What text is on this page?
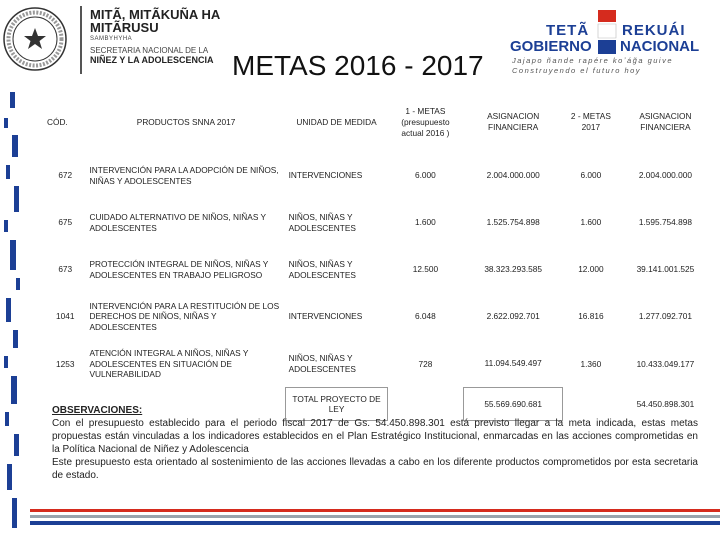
MITÃ, MITÃKUÑA HA MITÃRUSU
SAMBYHYHA
SECRETARIA NACIONAL DE LA
NIÑEZ Y LA ADOLESCENCIA METAS 2016 - 2017
TETÃ REKUÁI
GOBIERNO NACIONAL
Jajapo ñande rapére koʼág̃a guive Construyendo el futuro hoy
CÓD.	PRODUCTOS SNNA 2017	UNIDAD DE MEDIDA	1 - METAS (presupuesto actual 2016 )	ASIGNACION FINANCIERA	2 - METAS 2017	ASIGNACION FINANCIERA
672	INTERVENCIÓN PARA LA ADOPCIÓN DE NIÑOS, NIÑAS Y ADOLESCENTES	INTERVENCIONES	6.000	2.004.000.000	6.000	2.004.000.000
675	CUIDADO ALTERNATIVO DE NIÑOS, NIÑAS Y ADOLESCENTES	NIÑOS, NIÑAS Y ADOLESCENTES	1.600	1.525.754.898	1.600	1.595.754.898
673	PROTECCIÓN INTEGRAL DE NIÑOS, NIÑAS Y ADOLESCENTES EN TRABAJO PELIGROSO	NIÑOS, NIÑAS Y ADOLESCENTES	12.500	38.323.293.585	12.000	39.141.001.525
1041	INTERVENCIÓN PARA LA RESTITUCIÓN DE LOS DERECHOS DE NIÑOS, NIÑAS Y ADOLESCENTES	INTERVENCIONES	6.048	2.622.092.701	16.816	1.277.092.701
1253	ATENCIÓN INTEGRAL A NIÑOS, NIÑAS Y ADOLESCENTES EN SITUACIÓN DE VULNERABILIDAD	NIÑOS, NIÑAS Y ADOLESCENTES	728	11.094.549.497	1.360	10.433.049.177
		TOTAL PROYECTO DE LEY		55.569.690.681		54.450.898.301
OBSERVACIONES:

Con el presupuesto establecido para el periodo fiscal 2017 de Gs. 54.450.898.301 está previsto llegar a la meta indicada, estas metas propuestas están vinculadas a los indicadores establecidos en el Plan Estratégico Institucional, enmarcadas en las acciones comprometidas en la Política Nacional de Niñez y Adolescencia

Este presupuesto esta orientado al sostenimiento de las acciones llevadas a cabo en los diferente productos comprometidos por esta secretaria de estado.
